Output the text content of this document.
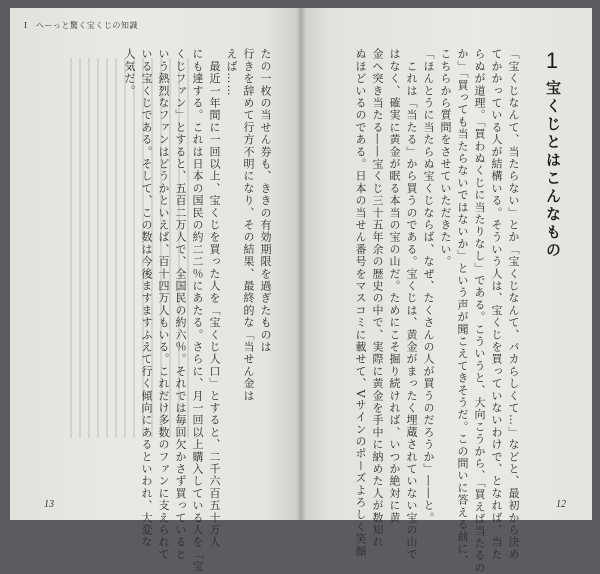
I　へーっと驚く宝くじの知識

たの一枚の当せん券も、ききの有効期限を過ぎたものは

行きを辞めて行方不明になり、その結果、最終的な「当せん金は

えば……

　最近一年間に一回以上、宝くじを買った人を「宝くじ人口」とすると、二千六百五十万人

にも達する。これは日本の国民の約二二％にあたる。さらに、月一回以上購入している人を「宝

くじファン」とすると、五百二万人で、全国民の約六％。それでは毎回欠かさず買っていると

いう熱烈なファンはどうかといえば、百十四万人もいる。これだけ多数のファンに支えられて

いる宝くじである。そして、この数は今後ますますふえて行く傾向にあるといわれ、大変な

人気だ。

13
1
宝くじとはこんなもの

「宝くじなんて、当たらない」とか「宝くじなんて、バカらしくて…」などと、最初から決め

てかかっている人が結構いる。そういう人は、宝くじを買っていないわけで、となれば、当た

らぬが道理。「買わぬくじに当たりなし」である。こういうと、大向こうから、「買えば当たるの

か」「買っても当たらないではないか」という声が聞こえてきそうだ。この問いに答える前に、

こちらから質問をさせていただきたい。

「ほんとうに当たらぬ宝くじならば、なぜ、たくさんの人が買うのだろうか」――と。

　これは「当たる」から買うのである。宝くじは、黄金がまったく埋蔵されていない宝の山で

はなく、確実に黄金が眠る本当の宝の山だ。ためにこそ掘り続ければ、いつか絶対に黄

金へ突き当たる――宝くじ三十五年余の歴史の中で、実際に黄金を手中に納めた人が数知れ

ぬほどいるのである。日本の当せん番号をマスコミに載せて、Vサインのポーズよろしく笑顔	12
